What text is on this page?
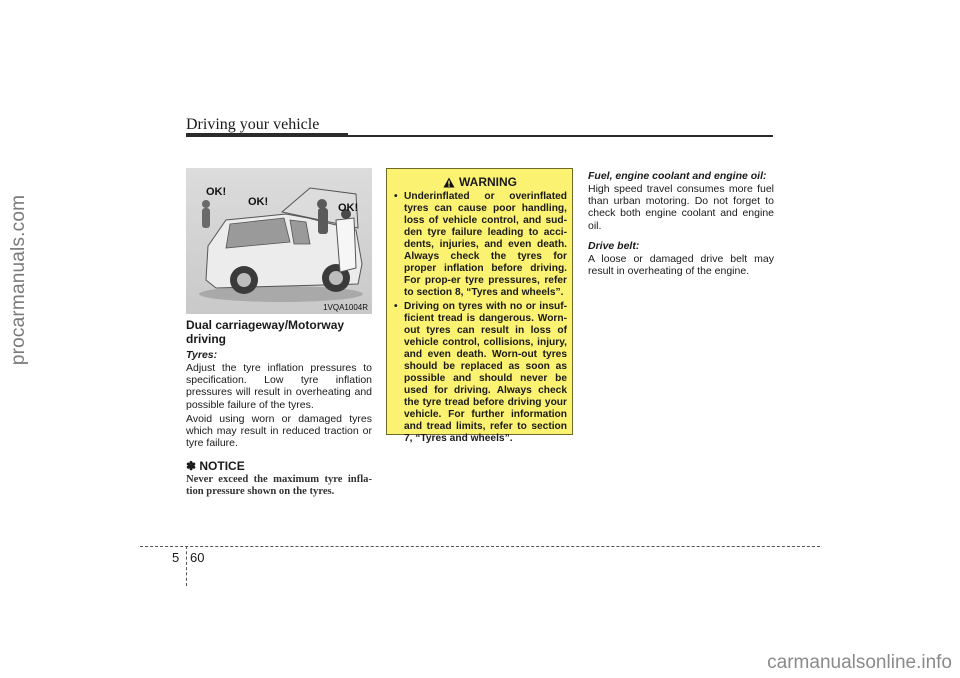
procarmanuals.com
Driving your vehicle
OK!
OK!	OK!
1VQA1004R
Dual carriageway/Motorway driving
Tyres:

Adjust the tyre inflation pressures to specification. Low tyre inflation pressures will result in overheating and possible failure of the tyres.

Avoid using worn or damaged tyres which may result in reduced traction or tyre failure.

✽ NOTICE
Never exceed the maximum tyre infla-tion pressure shown on the tyres.
WARNING
• Underinflated or overinflated tyres can cause poor handling, loss of vehicle control, and sud-den tyre failure leading to acci-dents, injuries, and even death. Always check the tyres for proper inflation before driving. For prop-er tyre pressures, refer to section 8, “Tyres and wheels”.
• Driving on tyres with no or insuf-ficient tread is dangerous. Worn-out tyres can result in loss of vehicle control, collisions, injury, and even death. Worn-out tyres should be replaced as soon as possible and should never be used for driving. Always check the tyre tread before driving your vehicle. For further information and tread limits, refer to section 7, “Tyres and wheels”.
Fuel, engine coolant and engine oil:

High speed travel consumes more fuel than urban motoring. Do not forget to check both engine coolant and engine oil.

Drive belt:

A loose or damaged drive belt may result in overheating of the engine.

5 60
carmanualsonline.info
